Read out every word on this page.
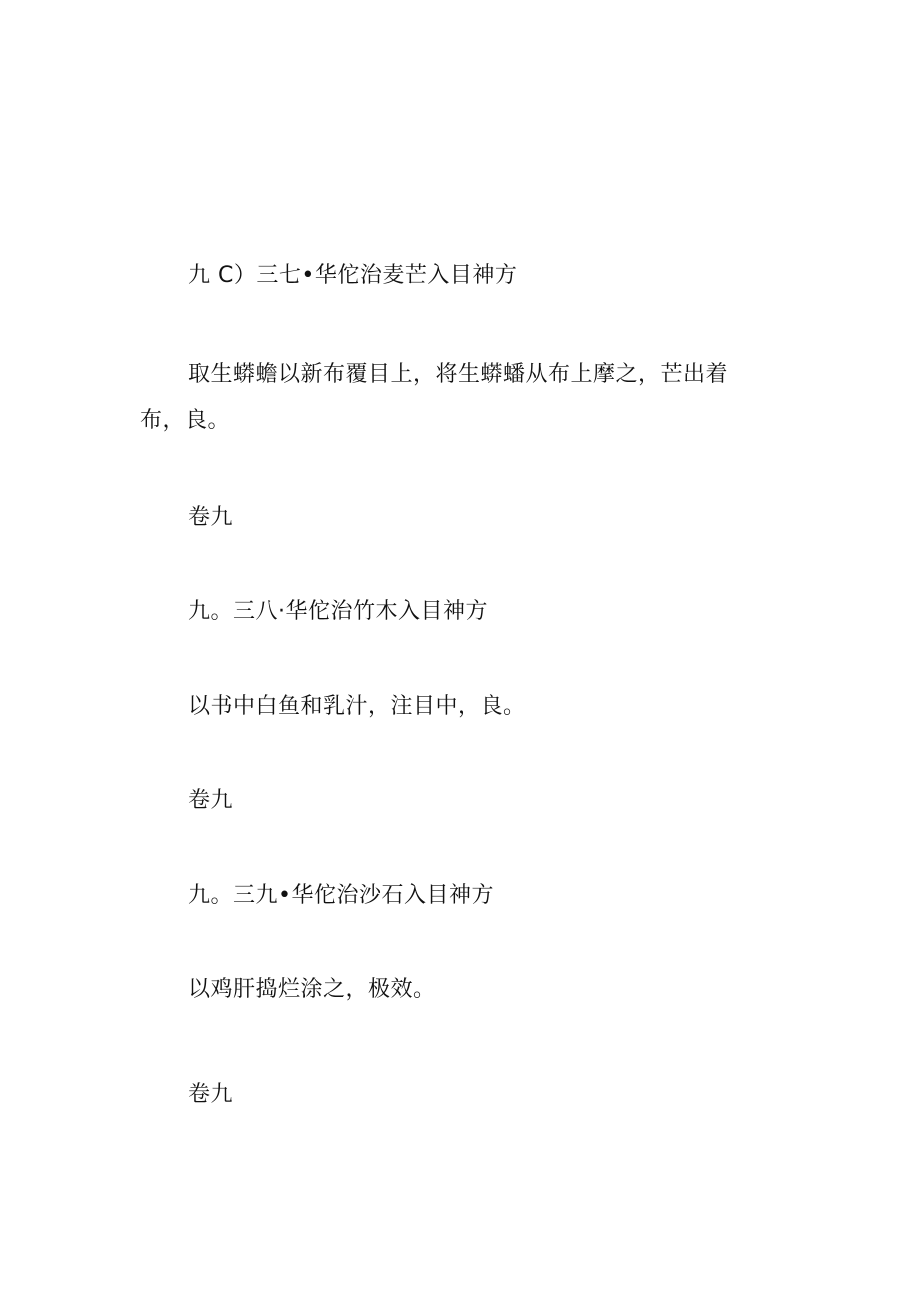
九 C）三七•华佗治麦芒入目神方
取生蟒蟾以新布覆目上，将生蟒蟠从布上摩之，芒出着
布，良。
卷九
九。三八·华佗治竹木入目神方
以书中白鱼和乳汁，注目中，良。
卷九
九。三九•华佗治沙石入目神方
以鸡肝捣烂涂之，极效。
卷九
